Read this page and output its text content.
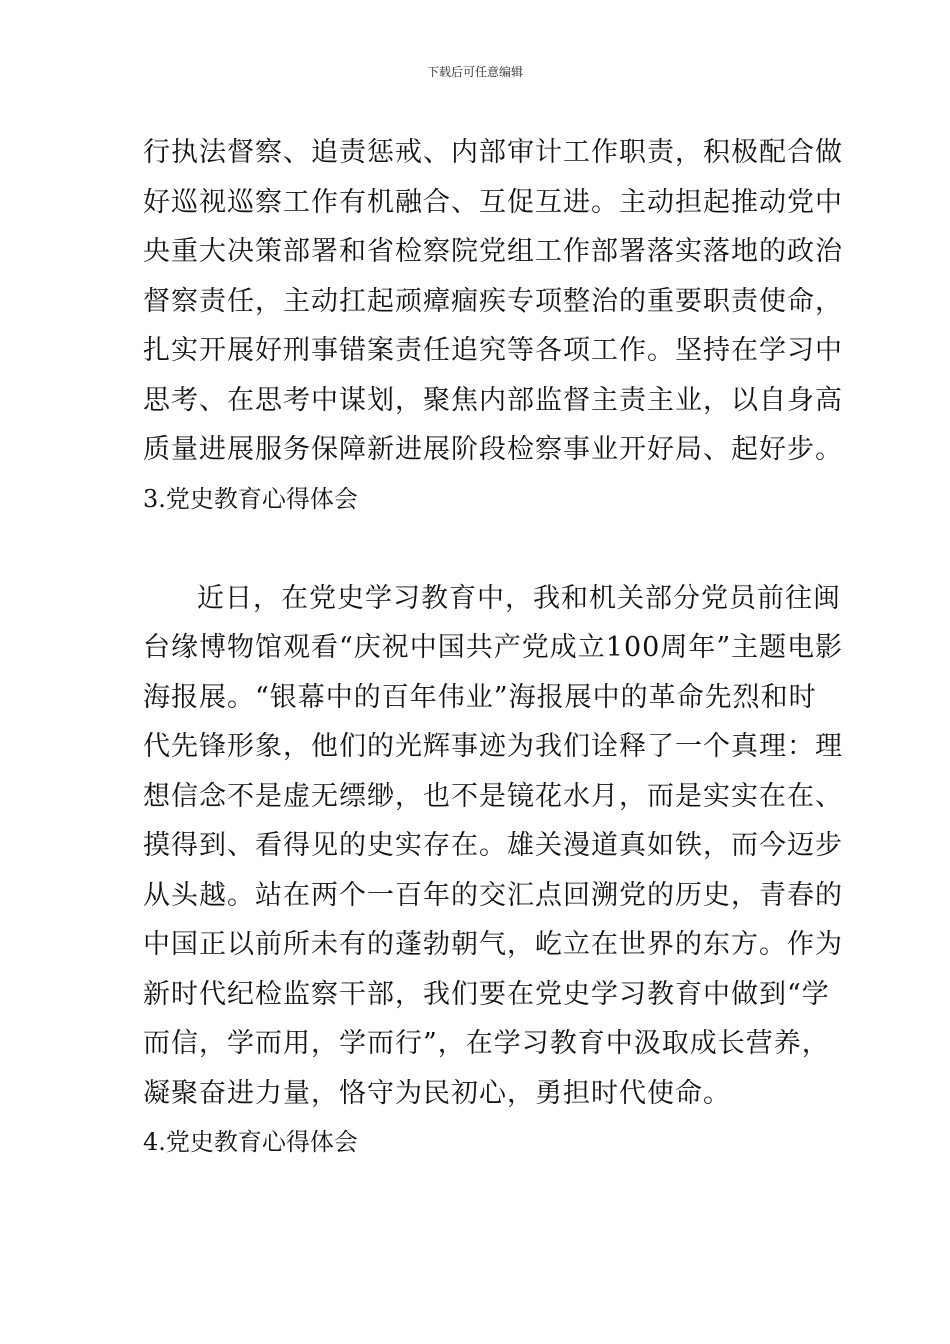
下载后可任意编辑
行执法督察、追责惩戒、内部审计工作职责，积极配合做
好巡视巡察工作有机融合、互促互进。主动担起推动党中
央重大决策部署和省检察院党组工作部署落实落地的政治
督察责任，主动扛起顽瘴痼疾专项整治的重要职责使命，
扎实开展好刑事错案责任追究等各项工作。坚持在学习中
思考、在思考中谋划，聚焦内部监督主责主业，以自身高
质量进展服务保障新进展阶段检察事业开好局、起好步。
3.党史教育心得体会
近日，在党史学习教育中，我和机关部分党员前往闽
台缘博物馆观看“庆祝中国共产党成立100周年”主题电影
海报展。“银幕中的百年伟业”海报展中的革命先烈和时
代先锋形象，他们的光辉事迹为我们诠释了一个真理：理
想信念不是虚无缥缈，也不是镜花水月，而是实实在在、
摸得到、看得见的史实存在。雄关漫道真如铁，而今迈步
从头越。站在两个一百年的交汇点回溯党的历史，青春的
中国正以前所未有的蓬勃朝气，屹立在世界的东方。作为
新时代纪检监察干部，我们要在党史学习教育中做到“学
而信，学而用，学而行”，在学习教育中汲取成长营养，
凝聚奋进力量，恪守为民初心，勇担时代使命。
4.党史教育心得体会
